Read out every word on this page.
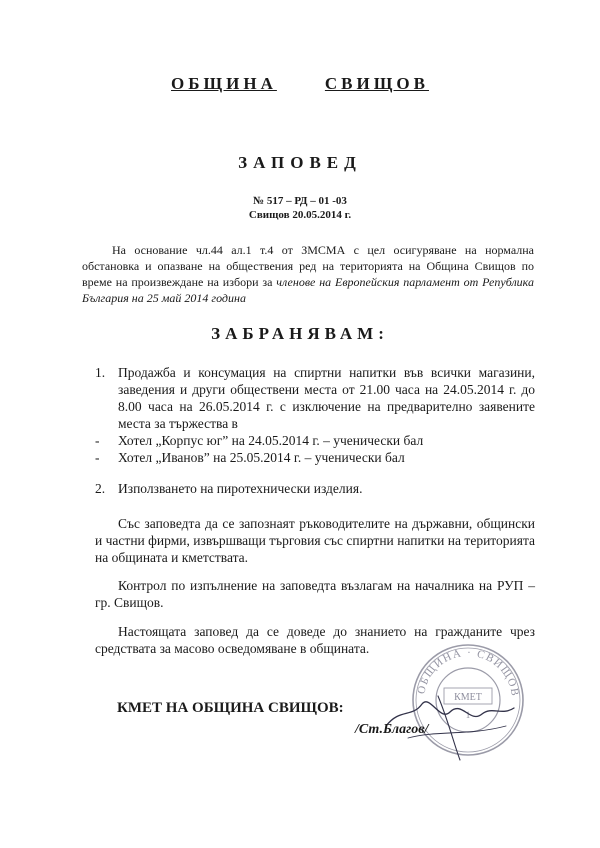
ОБЩИНА	СВИЩОВ
ЗАПОВЕД
№ 517 – РД – 01 -03
Свищов 20.05.2014 г.
На основание чл.44 ал.1 т.4 от ЗМСМА с цел осигуряване на нормална обстановка и опазване на обществения ред на територията на Община Свищов по време на произвеждане на избори за членове на Европейския парламент от Република България на 25 май 2014 година
ЗАБРАНЯВАМ:
1. Продажба и консумация на спиртни напитки във всички магазини, заведения и други обществени места от 21.00 часа на 24.05.2014 г. до 8.00 часа на 26.05.2014 г. с изключение на предварително заявените места за тържества в
- Хотел „Корпус юг” на 24.05.2014 г. – ученически бал
- Хотел „Иванов” на 25.05.2014 г. – ученически бал
2. Използването на пиротехнически изделия.
Със заповедта да се запознаят ръководителите на държавни, общински и частни фирми, извършващи търговия със спиртни напитки на територията на общината и кметствата.
Контрол по изпълнение на заповедта възлагам на началника на РУП – гр. Свищов.
Настоящата заповед да се доведе до знанието на гражданите чрез средствата за масово осведомяване в общината.
ОБЩИНА · СВИЩОВ
КМЕТ
1
КМЕТ НА ОБЩИНА СВИЩОВ:
/Ст.Благов/
